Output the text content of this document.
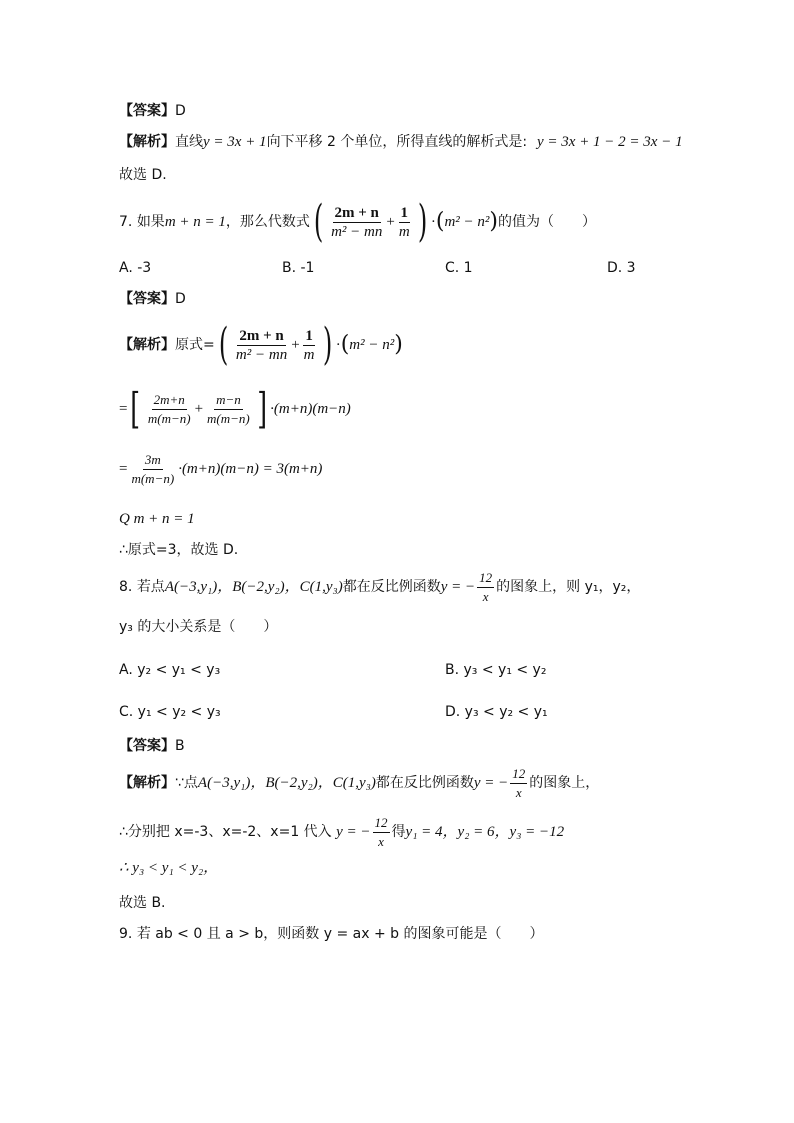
【答案】D
【解析】直线y = 3x + 1向下平移 2 个单位，所得直线的解析式是: y = 3x + 1 − 2 = 3x − 1
故选 D.
7.
如果 m + n = 1 ，那么代数式 ( $\frac{2m + n}{\text{m² − mn}} + \frac{1}{m}$ ) · ( m² − n² ) 的值为（　　）
A. -3	B. -1	C. 1	D. 3
【答案】D
【解析】 原式= ( $\frac{2m + n}{\text{m² − mn}} + \frac{1}{m}$ ) · ( m² − n² )
= [ $\frac{2m+n}{m(m-n)} + \frac{m-n}{m(m-n)}$ ] ·(m+n)(m−n)
= $\frac{3m}{m(m-n)} \cdot(m+n)(m-n) = 3(m+n)$
Q m + n = 1
∴原式=3，故选 D.
8.
若点 A(−3,y₁)，B(−2,y₂)，C(1,y₃) 都在反比例函数 y = − $\frac{12}{x}$ 的图象上，则 y₁，y₂，
y₃ 的大小关系是（　　）
A. y₂ < y₁ < y₃	B. y₃ < y₁ < y₂
C. y₁ < y₂ < y₃	D. y₃ < y₂ < y₁
【答案】B
【解析】 ∵点 A(−3,y₁)，B(−2,y₂)，C(1,y₃) 都在反比例函数 y = − $\frac{12}{x}$ 的图象上，
∴分别把 x=-3、x=-2、x=1 代入
y = − $\frac{12}{x}$ 得 y₁ = 4，y₂ = 6，y₃ = −12
∴ y₃ < y₁ < y₂，
故选 B.
9. 若 ab < 0 且 a > b，则函数 y = ax + b 的图象可能是（　　）
